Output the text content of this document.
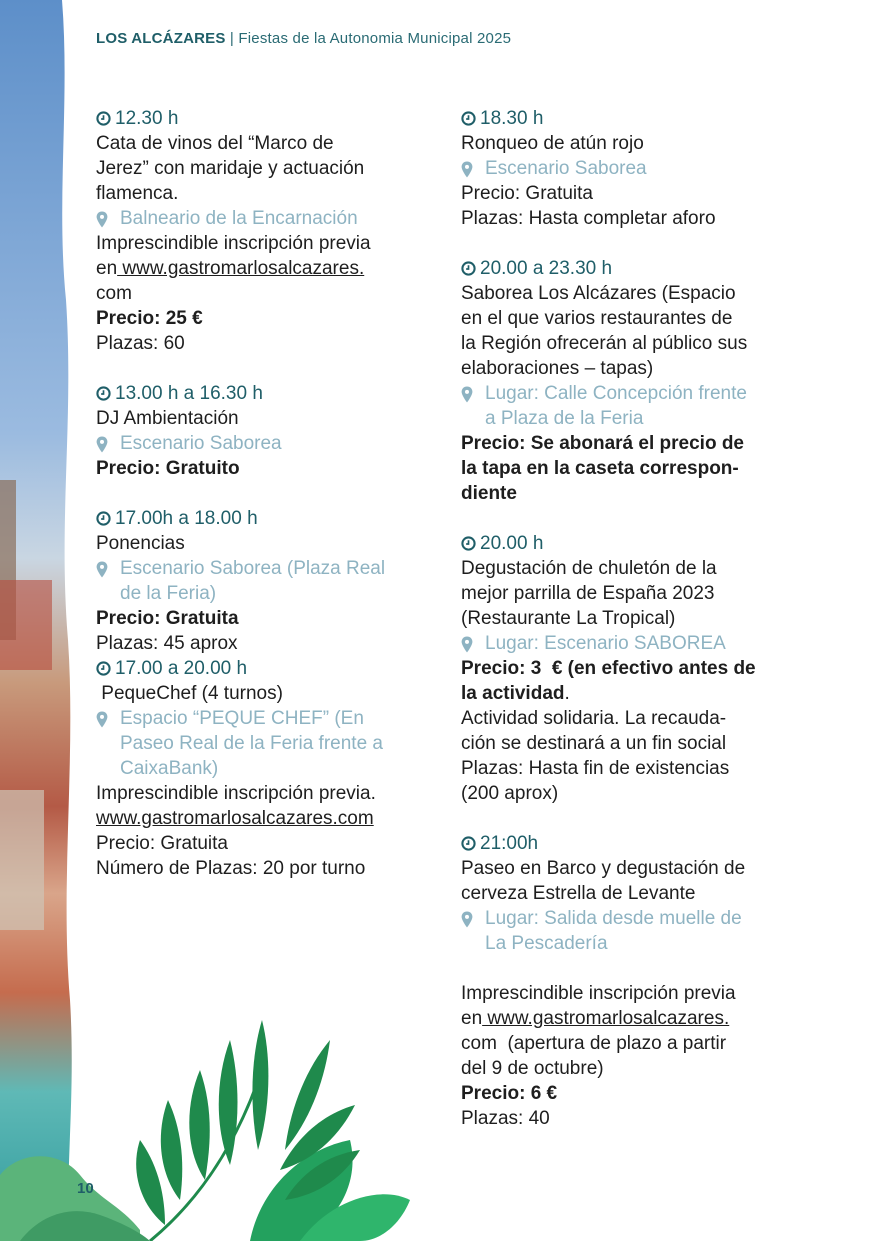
LOS ALCÁZARES | Fiestas de la Autonomia Municipal 2025

12.30 h

Cata de vinos del “Marco de

Jerez” con maridaje y actuación

flamenca.

Balneario de la Encarnación

Imprescindible inscripción previa

en www.gastromarlosalcazares.

com

Precio: 25 €

Plazas: 60

13.00 h a 16.30 h

DJ Ambientación

Escenario Saborea

Precio: Gratuito

17.00h a 18.00 h

Ponencias

Escenario Saborea (Plaza Real
de la Feria)

Precio: Gratuita

Plazas: 45 aprox

17.00 a 20.00 h

PequeChef (4 turnos)

Espacio “PEQUE CHEF” (En
Paseo Real de la Feria frente a
CaixaBank)

Imprescindible inscripción previa.

www.gastromarlosalcazares.com

Precio: Gratuita

Número de Plazas: 20 por turno

18.30 h

Ronqueo de atún rojo

Escenario Saborea

Precio: Gratuita

Plazas: Hasta completar aforo

20.00 a 23.30 h

Saborea Los Alcázares (Espacio

en el que varios restaurantes de

la Región ofrecerán al público sus

elaboraciones – tapas)

Lugar: Calle Concepción frente
a Plaza de la Feria

Precio: Se abonará el precio de

la tapa en la caseta correspon-

diente

20.00 h

Degustación de chuletón de la

mejor parrilla de España 2023

(Restaurante La Tropical)

Lugar: Escenario SABOREA

Precio: 3  € (en efectivo antes de

la actividad.

Actividad solidaria. La recauda-

ción se destinará a un fin social

Plazas: Hasta fin de existencias

(200 aprox)

21:00h

Paseo en Barco y degustación de

cerveza Estrella de Levante

Lugar: Salida desde muelle de
La Pescadería

Imprescindible inscripción previa

en www.gastromarlosalcazares.

com  (apertura de plazo a partir

del 9 de octubre)

Precio: 6 €

Plazas: 40

10
